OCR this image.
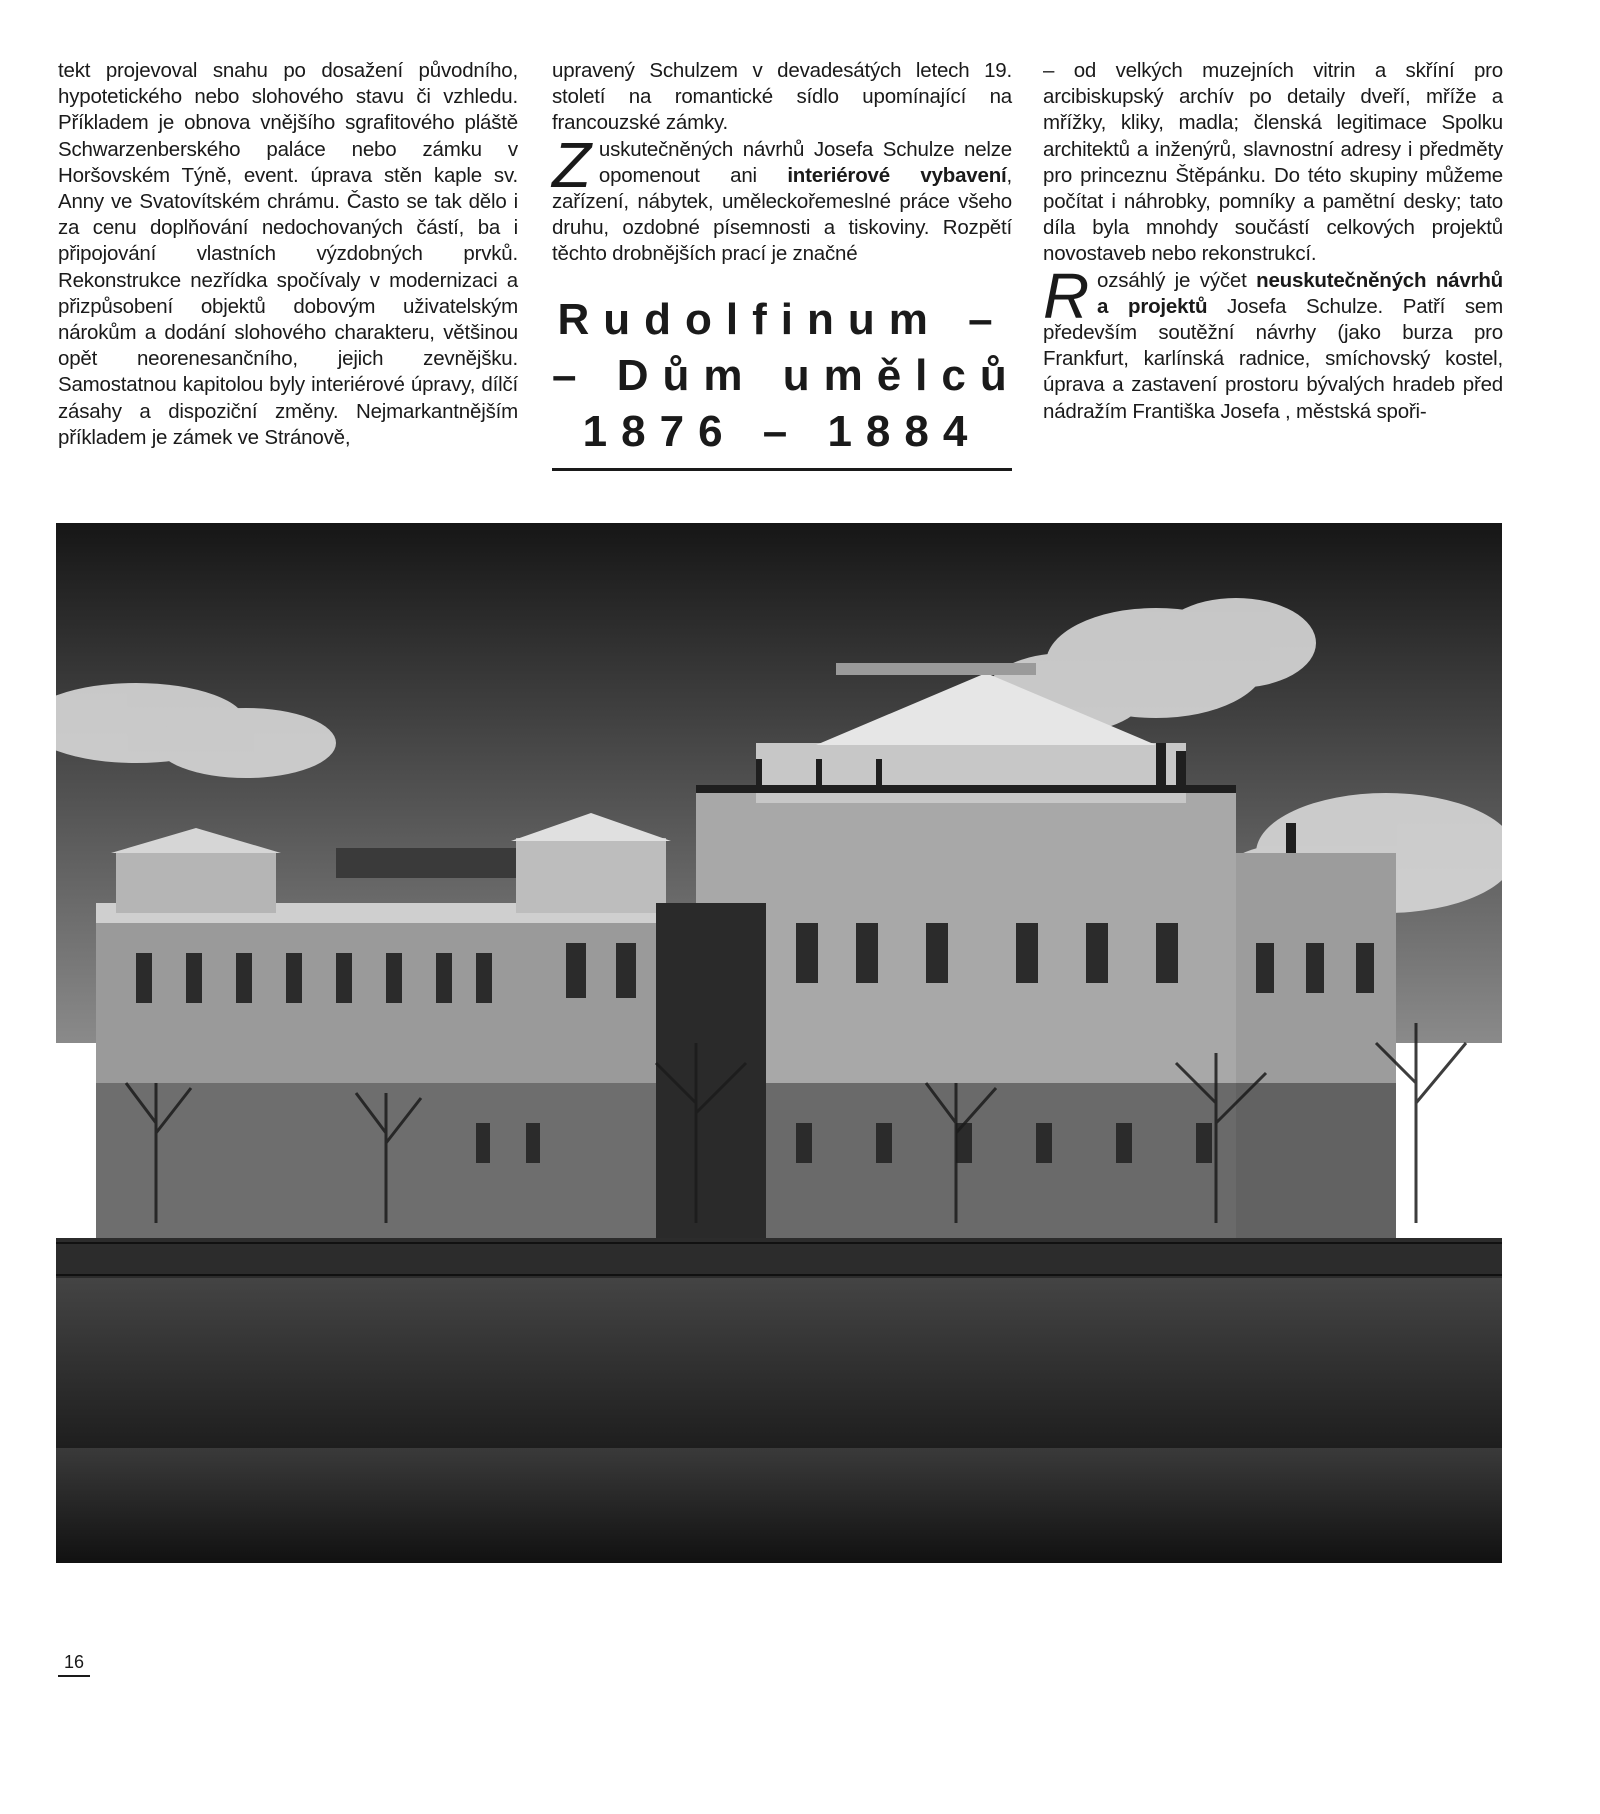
tekt projevoval snahu po dosažení původního, hypotetického nebo slohového stavu či vzhledu. Příkladem je obnova vnějšího sgrafitového pláště Schwarzenberského paláce nebo zámku v Horšovském Týně, event. úprava stěn kaple sv. Anny ve Svatovítském chrámu. Často se tak dělo i za cenu doplňování nedochovaných částí, ba i připojování vlastních výzdobných prvků. Rekonstrukce nezřídka spočívaly v modernizaci a přizpůsobení objektů dobovým uživatelským nárokům a dodání slohového charakteru, většinou opět neorenesančního, jejich zevnějšku. Samostatnou kapitolou byly interiérové úpravy, dílčí zásahy a dispoziční změny. Nejmarkantnějším příkladem je zámek ve Stránově,

upravený Schulzem v devadesátých letech 19. století na romantické sídlo upomínající na francouzské zámky.

Zuskutečněných návrhů Josefa Schulze nelze opomenout ani interiérové vybavení, zařízení, nábytek, uměleckořemeslné práce všeho druhu, ozdobné písemnosti a tiskoviny. Rozpětí těchto drobnějších prací je značné

Rudolfinum –
– Dům umělců
1876 – 1884

– od velkých muzejních vitrin a skříní pro arcibiskupský archív po detaily dveří, mříže a mřížky, kliky, madla; členská legitimace Spolku architektů a inženýrů, slavnostní adresy i předměty pro princeznu Štěpánku. Do této skupiny můžeme počítat i náhrobky, pomníky a pamětní desky; tato díla byla mnohdy součástí celkových projektů novostaveb nebo rekonstrukcí.

Rozsáhlý je výčet neuskutečněných návrhů a projektů Josefa Schulze. Patří sem především soutěžní návrhy (jako burza pro Frankfurt, karlínská radnice, smíchovský kostel, úprava a zastavení prostoru bývalých hradeb před nádražím Františka Josefa , městská spoři-

16
